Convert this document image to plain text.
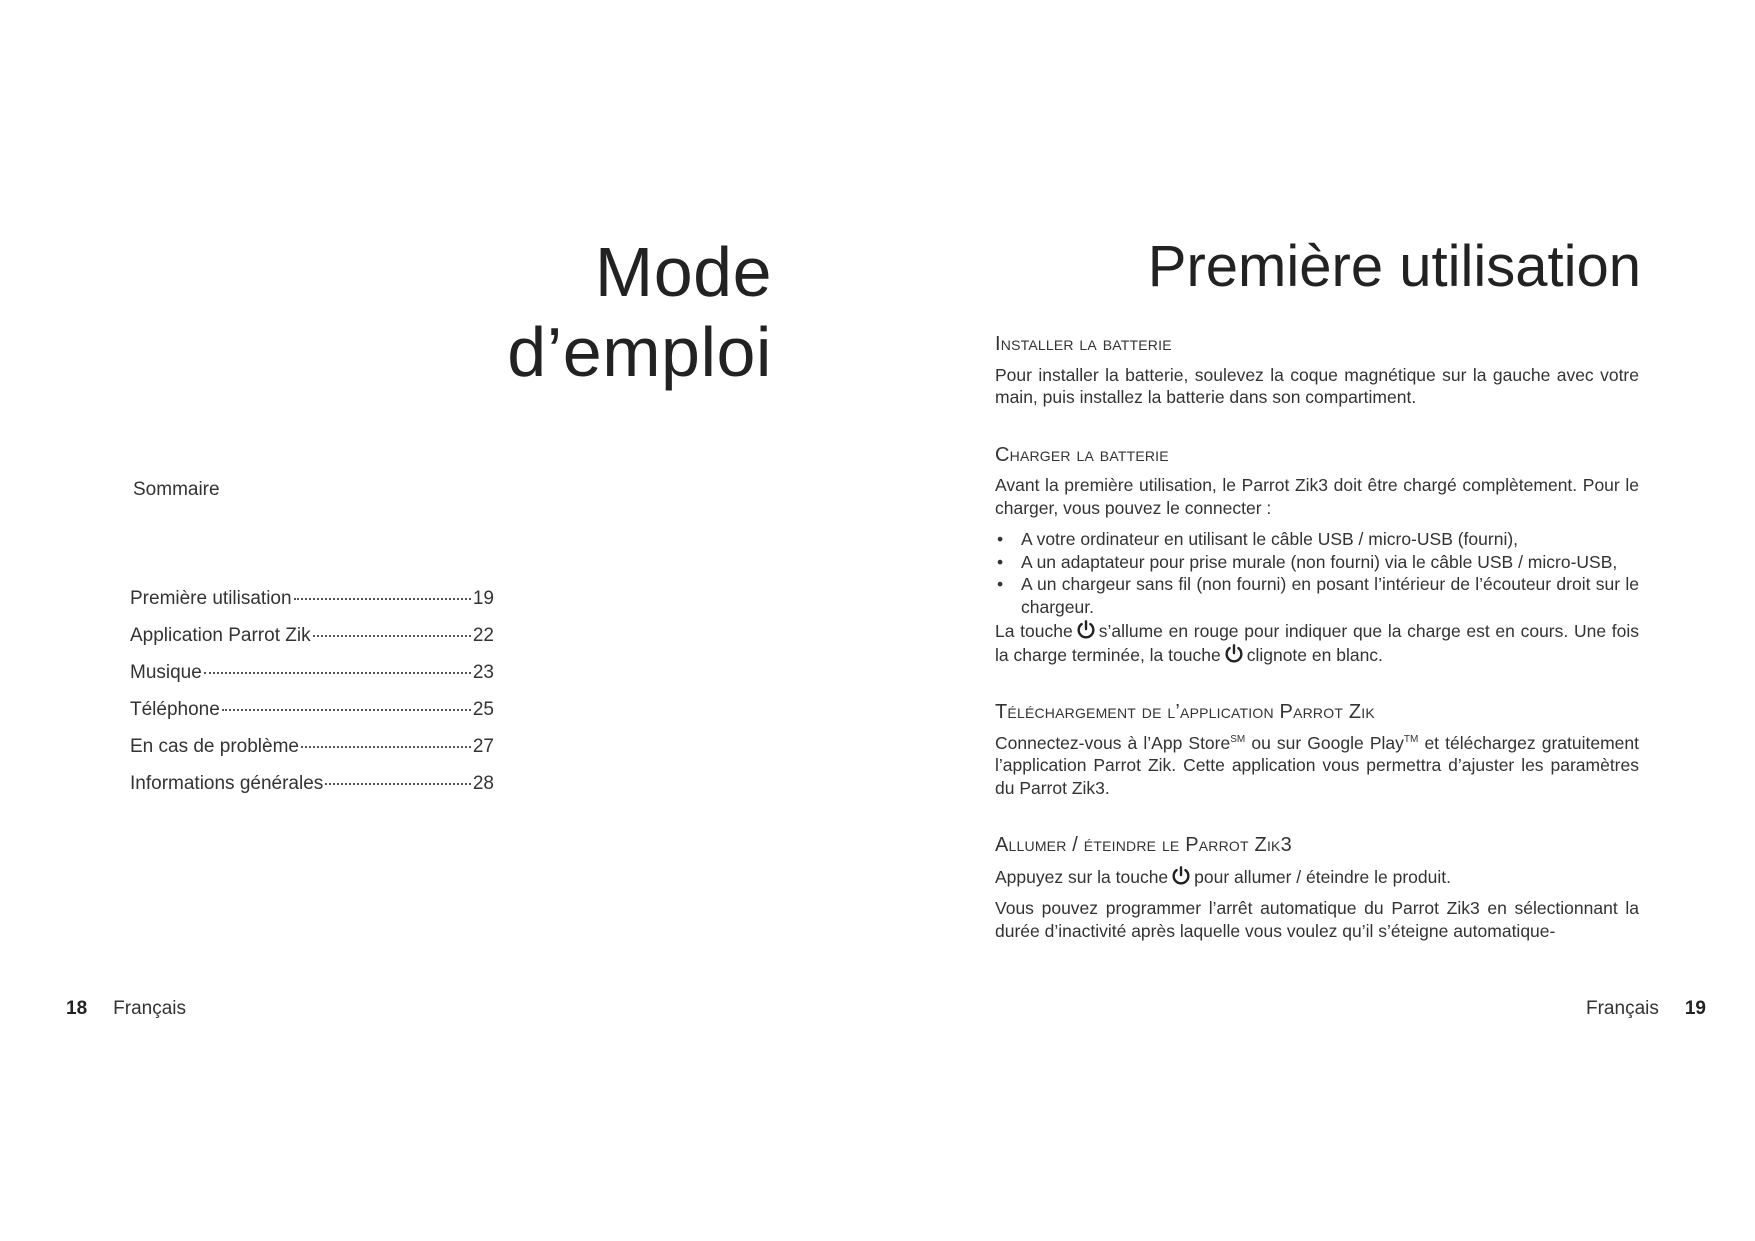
Mode
d’emploi
Sommaire
Première utilisation	19
Application Parrot Zik	22
Musique	23
Téléphone	25
En cas de problème	27
Informations générales	28
18 Français
Première utilisation
Installer la batterie

Pour installer la batterie, soulevez la coque magnétique sur la gauche avec votre main, puis installez la batterie dans son compartiment.

Charger la batterie

Avant la première utilisation, le Parrot Zik3 doit être chargé complètement. Pour le charger, vous pouvez le connecter :

• A votre ordinateur en utilisant le câble USB / micro-USB (fourni),
• A un adaptateur pour prise murale (non fourni) via le câble USB / micro-USB,
• A un chargeur sans fil (non fourni) en posant l’intérieur de l’écouteur droit sur le chargeur.

La touche s’allume en rouge pour indiquer que la charge est en cours. Une fois la charge terminée, la touche clignote en blanc.

Téléchargement de l’application Parrot Zik

Connectez-vous à l’App Store℠ ou sur Google Play™ et téléchargez gratuitement l’application Parrot Zik. Cette application vous permettra d’ajuster les paramètres du Parrot Zik3.

Allumer / éteindre le Parrot Zik3

Appuyez sur la touche pour allumer / éteindre le produit.

Vous pouvez programmer l’arrêt automatique du Parrot Zik3 en sélectionnant la durée d’inactivité après laquelle vous voulez qu’il s’éteigne automatique-

Français 19
